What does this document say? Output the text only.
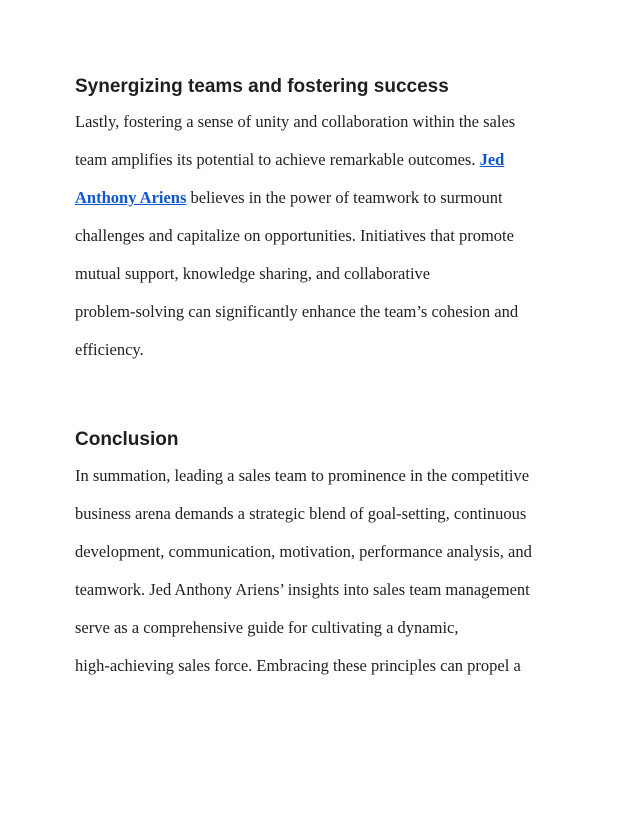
Synergizing teams and fostering success

Lastly, fostering a sense of unity and collaboration within the sales

team amplifies its potential to achieve remarkable outcomes. Jed

Anthony Ariens believes in the power of teamwork to surmount

challenges and capitalize on opportunities. Initiatives that promote

mutual support, knowledge sharing, and collaborative

problem-solving can significantly enhance the team’s cohesion and

efficiency.

Conclusion

In summation, leading a sales team to prominence in the competitive

business arena demands a strategic blend of goal-setting, continuous

development, communication, motivation, performance analysis, and

teamwork. Jed Anthony Ariens’ insights into sales team management

serve as a comprehensive guide for cultivating a dynamic,

high-achieving sales force. Embracing these principles can propel a
